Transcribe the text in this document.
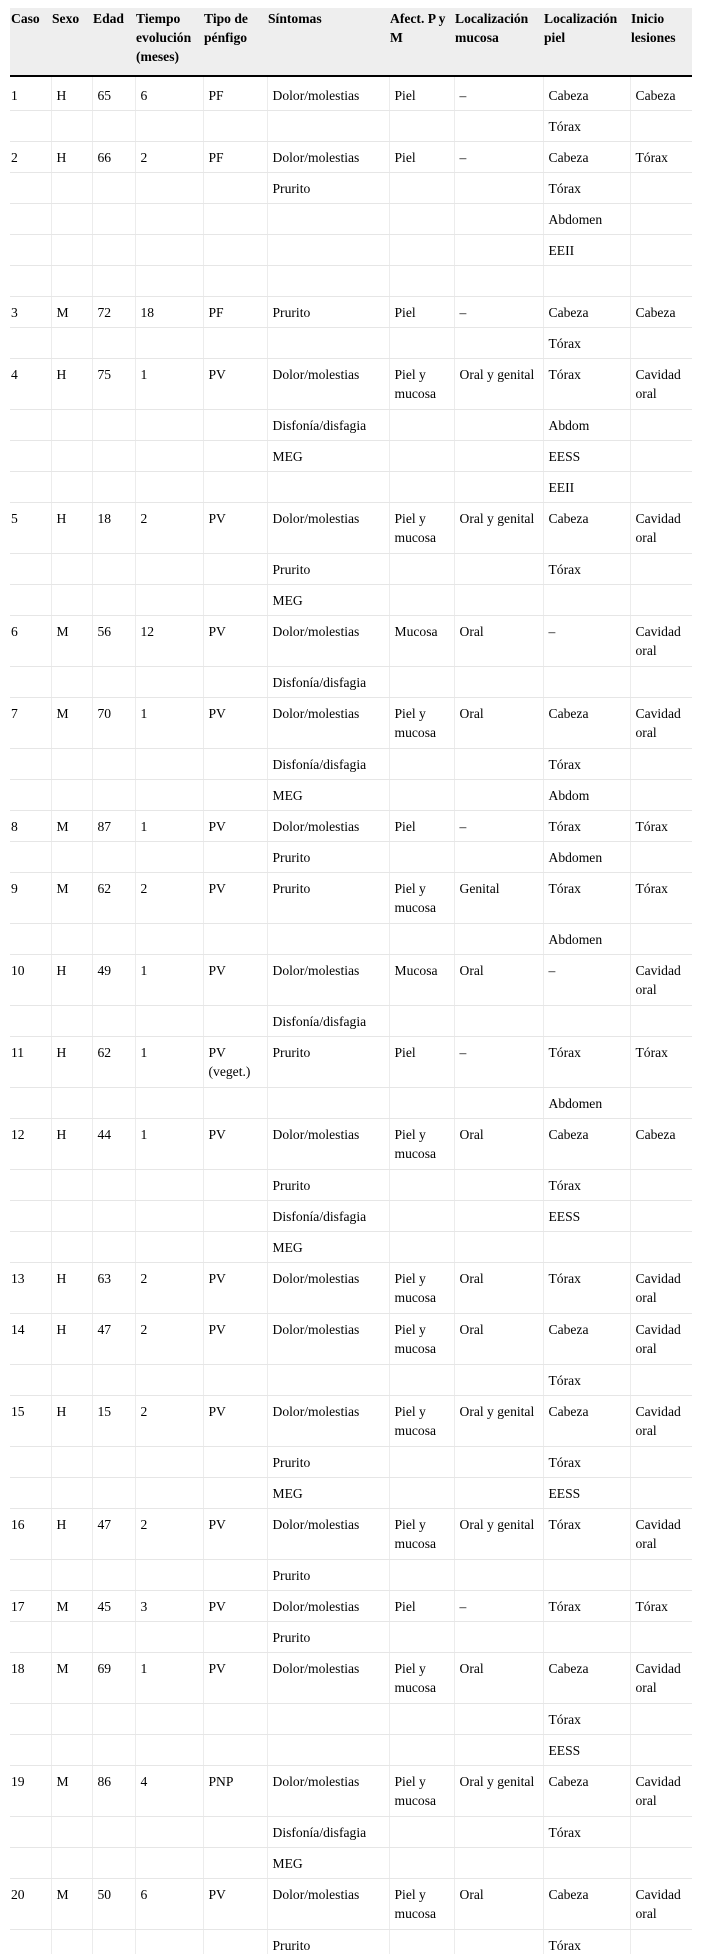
Caso	Sexo	Edad	Tiempo evolución (meses)	Tipo de pénfigo	Síntomas	Afect. P y M	Localización mucosa	Localización piel	Inicio lesiones
1	H	65	6	PF	Dolor/molestias	Piel	–	Cabeza	Cabeza
								Tórax	
2	H	66	2	PF	Dolor/molestias	Piel	–	Cabeza	Tórax
					Prurito			Tórax	
								Abdomen	
								EEII	

3	M	72	18	PF	Prurito	Piel	–	Cabeza	Cabeza
								Tórax	
4	H	75	1	PV	Dolor/molestias	Piel y mucosa	Oral y genital	Tórax	Cavidad oral
					Disfonía/disfagia			Abdom	
					MEG			EESS	
								EEII	
5	H	18	2	PV	Dolor/molestias	Piel y mucosa	Oral y genital	Cabeza	Cavidad oral
					Prurito			Tórax	
					MEG				
6	M	56	12	PV	Dolor/molestias	Mucosa	Oral	–	Cavidad oral
					Disfonía/disfagia				
7	M	70	1	PV	Dolor/molestias	Piel y mucosa	Oral	Cabeza	Cavidad oral
					Disfonía/disfagia			Tórax	
					MEG			Abdom	
8	M	87	1	PV	Dolor/molestias	Piel	–	Tórax	Tórax
					Prurito			Abdomen	
9	M	62	2	PV	Prurito	Piel y mucosa	Genital	Tórax	Tórax
								Abdomen	
10	H	49	1	PV	Dolor/molestias	Mucosa	Oral	–	Cavidad oral
					Disfonía/disfagia				
11	H	62	1	PV (veget.)	Prurito	Piel	–	Tórax	Tórax
								Abdomen	
12	H	44	1	PV	Dolor/molestias	Piel y mucosa	Oral	Cabeza	Cabeza
					Prurito			Tórax	
					Disfonía/disfagia			EESS	
					MEG				
13	H	63	2	PV	Dolor/molestias	Piel y mucosa	Oral	Tórax	Cavidad oral
14	H	47	2	PV	Dolor/molestias	Piel y mucosa	Oral	Cabeza	Cavidad oral
								Tórax	
15	H	15	2	PV	Dolor/molestias	Piel y mucosa	Oral y genital	Cabeza	Cavidad oral
					Prurito			Tórax	
					MEG			EESS	
16	H	47	2	PV	Dolor/molestias	Piel y mucosa	Oral y genital	Tórax	Cavidad oral
					Prurito				
17	M	45	3	PV	Dolor/molestias	Piel	–	Tórax	Tórax
					Prurito				
18	M	69	1	PV	Dolor/molestias	Piel y mucosa	Oral	Cabeza	Cavidad oral
								Tórax	
								EESS	
19	M	86	4	PNP	Dolor/molestias	Piel y mucosa	Oral y genital	Cabeza	Cavidad oral
					Disfonía/disfagia			Tórax	
					MEG				
20	M	50	6	PV	Dolor/molestias	Piel y mucosa	Oral	Cabeza	Cavidad oral
					Prurito			Tórax	
